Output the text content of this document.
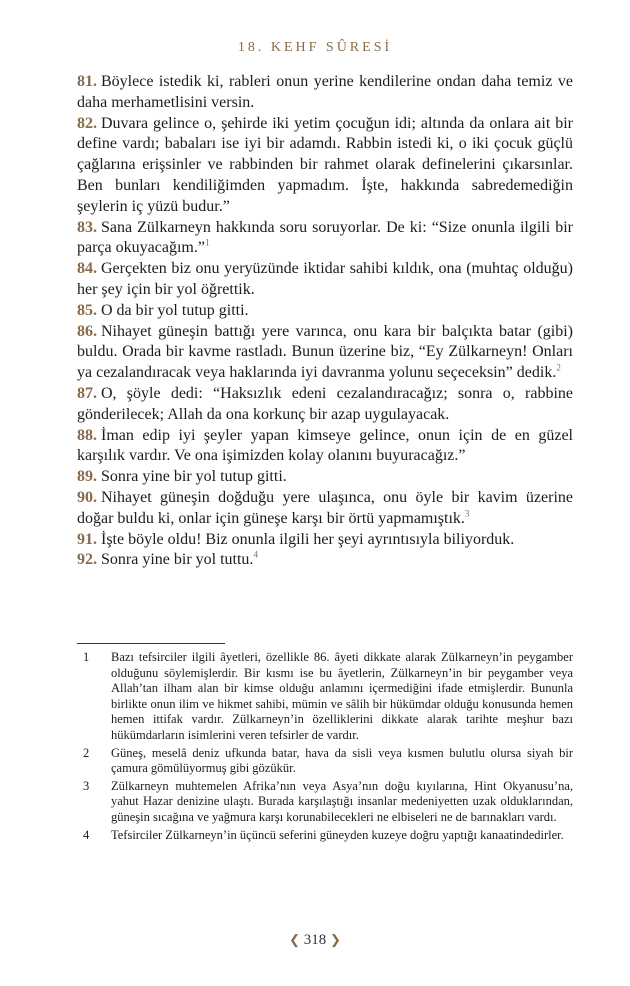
18. KEHF SÛRESİ

81. Böylece istedik ki, rableri onun yerine kendilerine ondan daha temiz ve daha merhametlisini versin.

82. Duvara gelince o, şehirde iki yetim çocuğun idi; altında da onlara ait bir define vardı; babaları ise iyi bir adamdı. Rabbin istedi ki, o iki çocuk güçlü çağlarına erişsinler ve rabbinden bir rahmet olarak definelerini çıkarsınlar. Ben bunları kendiliğimden yapmadım. İşte, hakkında sabredemediğin şeylerin iç yüzü budur.”

83. Sana Zülkarneyn hakkında soru soruyorlar. De ki: “Size onunla ilgili bir parça okuyacağım.”$^1$

84. Gerçekten biz onu yeryüzünde iktidar sahibi kıldık, ona (muhtaç olduğu) her şey için bir yol öğrettik.

85. O da bir yol tutup gitti.

86. Nihayet güneşin battığı yere varınca, onu kara bir balçıkta batar (gibi) buldu. Orada bir kavme rastladı. Bunun üzerine biz, “Ey Zülkarneyn! Onları ya cezalandıracak veya haklarında iyi davranma yolunu seçeceksin” dedik.$^2$

87. O, şöyle dedi: “Haksızlık edeni cezalandıracağız; sonra o, rabbine gönderilecek; Allah da ona korkunç bir azap uygulayacak.

88. İman edip iyi şeyler yapan kimseye gelince, onun için de en güzel karşılık vardır. Ve ona işimizden kolay olanını buyuracağız.”

89. Sonra yine bir yol tutup gitti.

90. Nihayet güneşin doğduğu yere ulaşınca, onu öyle bir kavim üzerine doğar buldu ki, onlar için güneşe karşı bir örtü yapmamıştık.$^3$

91. İşte böyle oldu! Biz onunla ilgili her şeyi ayrıntısıyla biliyorduk.

92. Sonra yine bir yol tuttu.$^4$

1	Bazı tefsirciler ilgili âyetleri, özellikle 86. âyeti dikkate alarak Zülkarneyn’in peygamber olduğunu söylemişlerdir. Bir kısmı ise bu âyetlerin, Zülkarneyn’in bir peygamber veya Allah’tan ilham alan bir kimse olduğu anlamını içermediğini ifade etmişlerdir. Bununla birlikte onun ilim ve hikmet sahibi, mümin ve sâlih bir hükümdar olduğu konusunda hemen hemen ittifak vardır. Zülkarneyn’in özelliklerini dikkate alarak tarihte meşhur bazı hükümdarların isimlerini veren tefsirler de vardır.
2	Güneş, meselâ deniz ufkunda batar, hava da sisli veya kısmen bulutlu olursa siyah bir çamura gömülüyormuş gibi gözükür.
3	Zülkarneyn muhtemelen Afrika’nın veya Asya’nın doğu kıyılarına, Hint Okyanusu’na, yahut Hazar denizine ulaştı. Burada karşılaştığı insanlar medeniyetten uzak olduklarından, güneşin sıcağına ve yağmura karşı korunabilecekleri ne elbiseleri ne de barınakları vardı.
4	Tefsirciler Zülkarneyn’in üçüncü seferini güneyden kuzeye doğru yaptığı kanaatindedirler.
❮ 318 ❯
